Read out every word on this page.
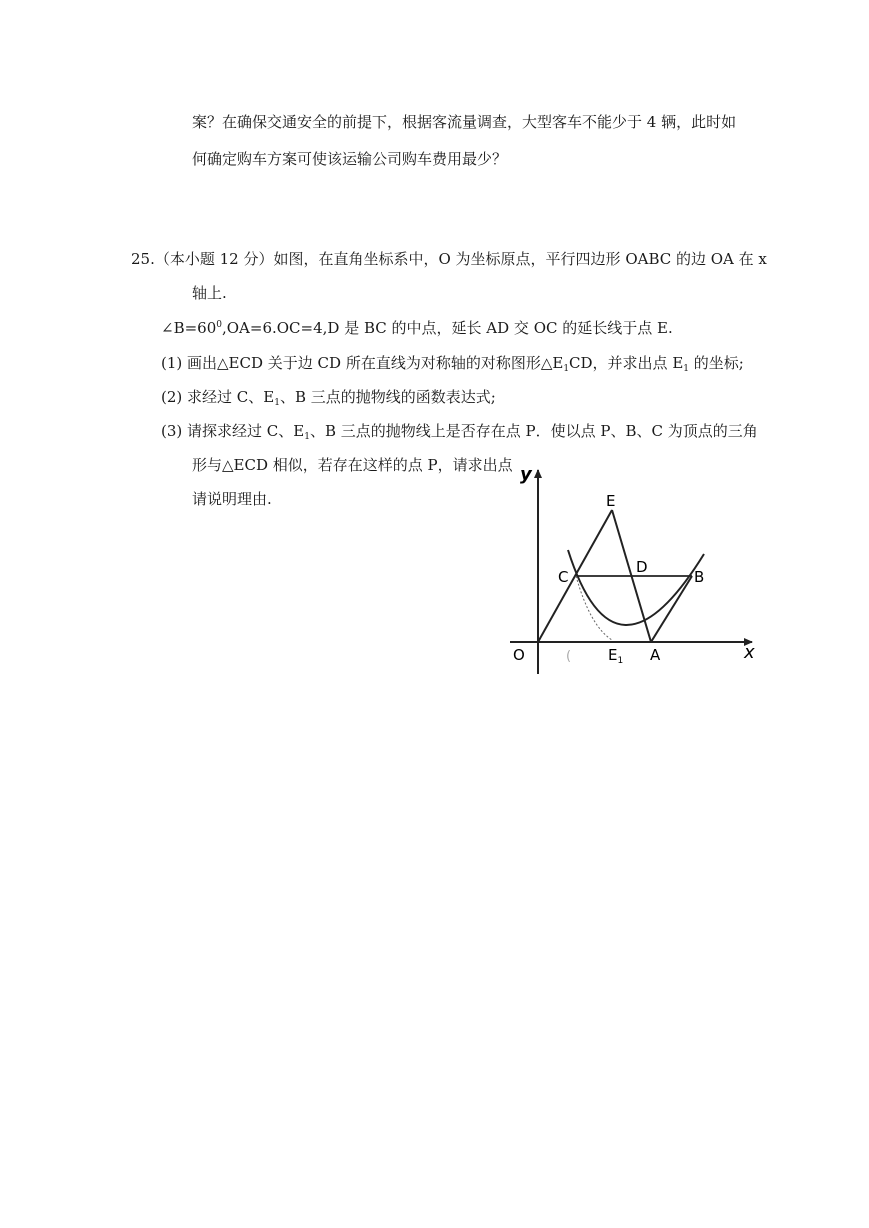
案？在确保交通安全的前提下，根据客流量调查，大型客车不能少于 4 辆，此时如
何确定购车方案可使该运输公司购车费用最少？
25.（本小题 12 分）如图，在直角坐标系中，O 为坐标原点，平行四边形 OABC 的边 OA 在 x
轴上.
$\angle B=60^0,OA=6.OC=4,D$ 是 BC 的中点，延长 AD 交 OC 的延长线于点 E.
(1) 画出△ECD 关于边 CD 所在直线为对称轴的对称图形$\triangle E_1CD$，并求出点 $E_1$ 的坐标;
(2) 求经过 C、$E_1$、B 三点的抛物线的函数表达式;
(3) 请探求经过 C、$E_1$、B 三点的抛物线上是否存在点 P．使以点 P、B、C 为顶点的三角
形与△ECD 相似，若存在这样的点 P，请求出点
请说明理由.
y
x
O	(
C
E
D
B
A
$E_1$
